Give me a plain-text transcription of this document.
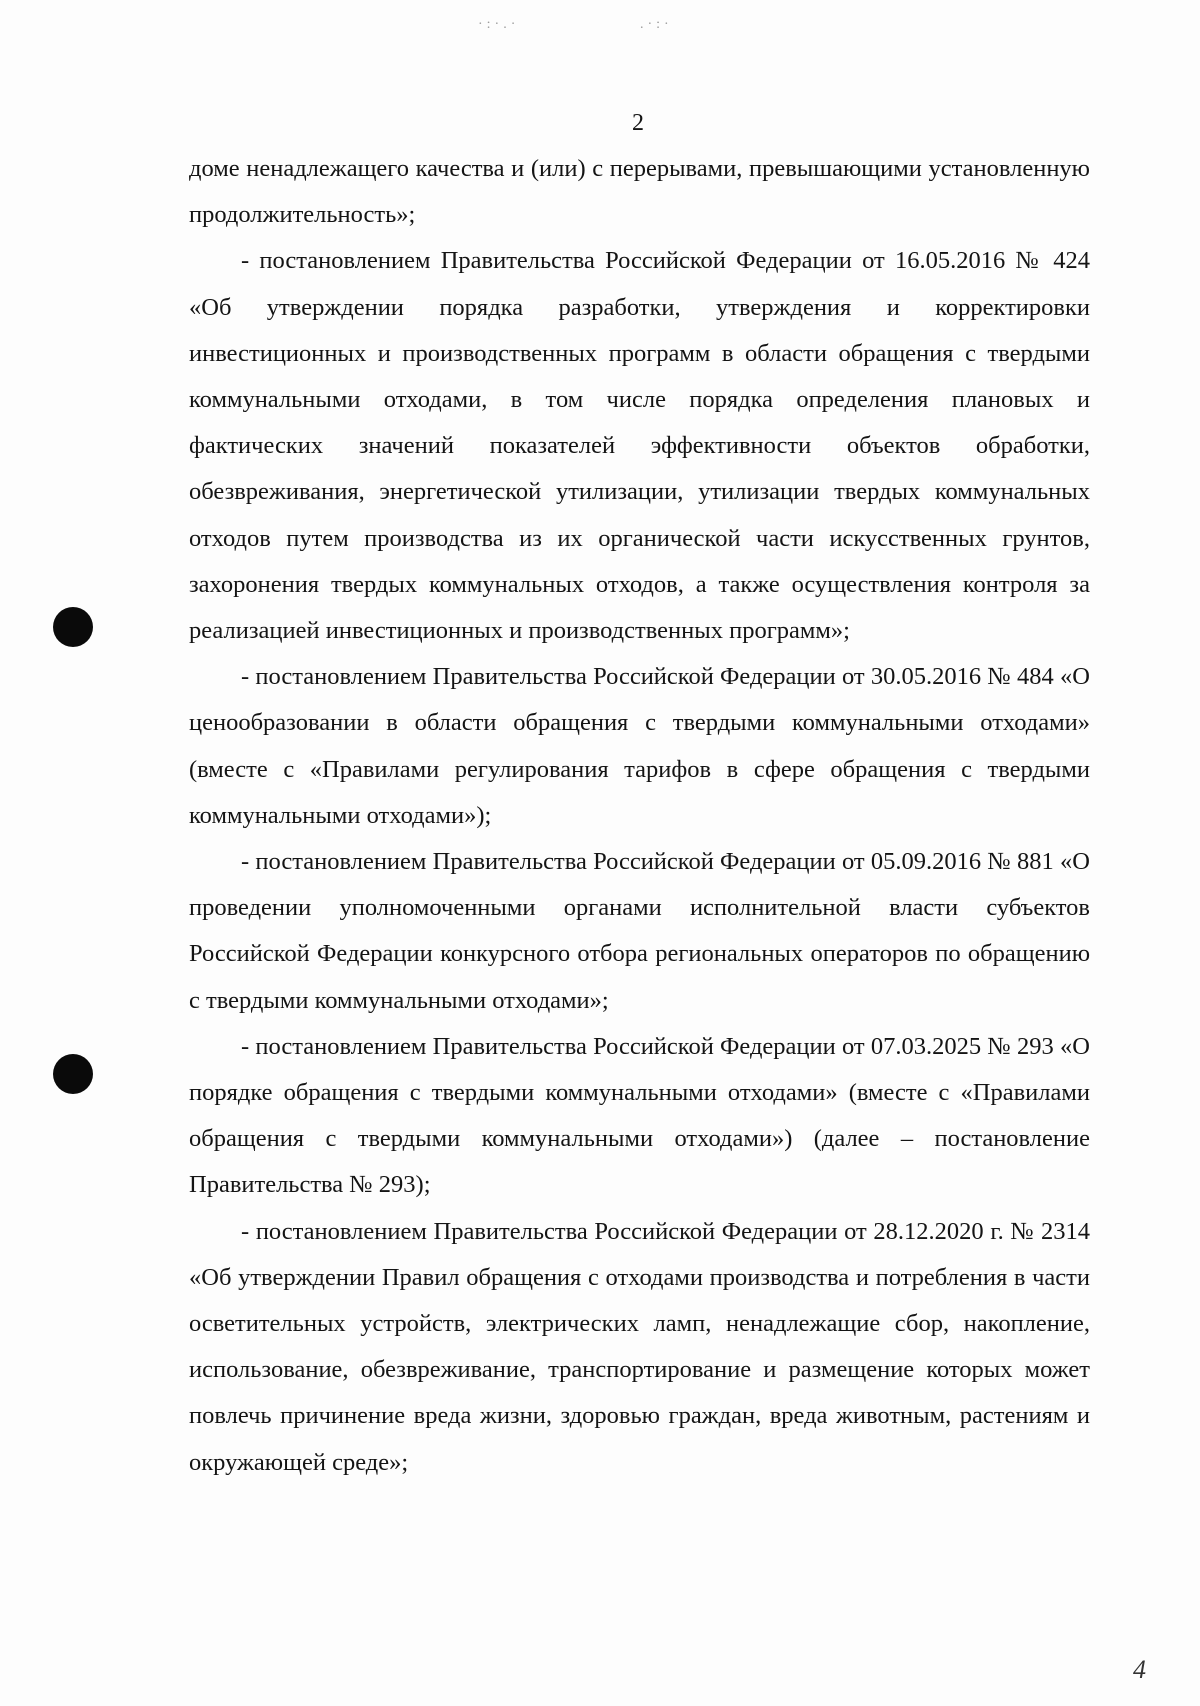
·:·.·	.·:·
2

доме ненадлежащего качества и (или) с перерывами, превышающими установленную продолжительность»;

- постановлением Правительства Российской Федерации от 16.05.2016 № 424 «Об утверждении порядка разработки, утверждения и корректировки инвестиционных и производственных программ в области обращения с твердыми коммунальными отходами, в том числе порядка определения плановых и фактических значений показателей эффективности объектов обработки, обезвреживания, энергетической утилизации, утилизации твердых коммунальных отходов путем производства из их органической части искусственных грунтов, захоронения твердых коммунальных отходов, а также осуществления контроля за реализацией инвестиционных и производственных программ»;

- постановлением Правительства Российской Федерации от 30.05.2016 № 484 «О ценообразовании в области обращения с твердыми коммунальными отходами» (вместе с «Правилами регулирования тарифов в сфере обращения с твердыми коммунальными отходами»);

- постановлением Правительства Российской Федерации от 05.09.2016 № 881 «О проведении уполномоченными органами исполнительной власти субъектов Российской Федерации конкурсного отбора региональных операторов по обращению с твердыми коммунальными отходами»;

- постановлением Правительства Российской Федерации от 07.03.2025 № 293 «О порядке обращения с твердыми коммунальными отходами» (вместе с «Правилами обращения с твердыми коммунальными отходами») (далее – постановление Правительства № 293);

- постановлением Правительства Российской Федерации от 28.12.2020 г. № 2314 «Об утверждении Правил обращения с отходами производства и потребления в части осветительных устройств, электрических ламп, ненадлежащие сбор, накопление, использование, обезвреживание, транспортирование и размещение которых может повлечь причинение вреда жизни, здоровью граждан, вреда животным, растениям и окружающей среде»;

4
